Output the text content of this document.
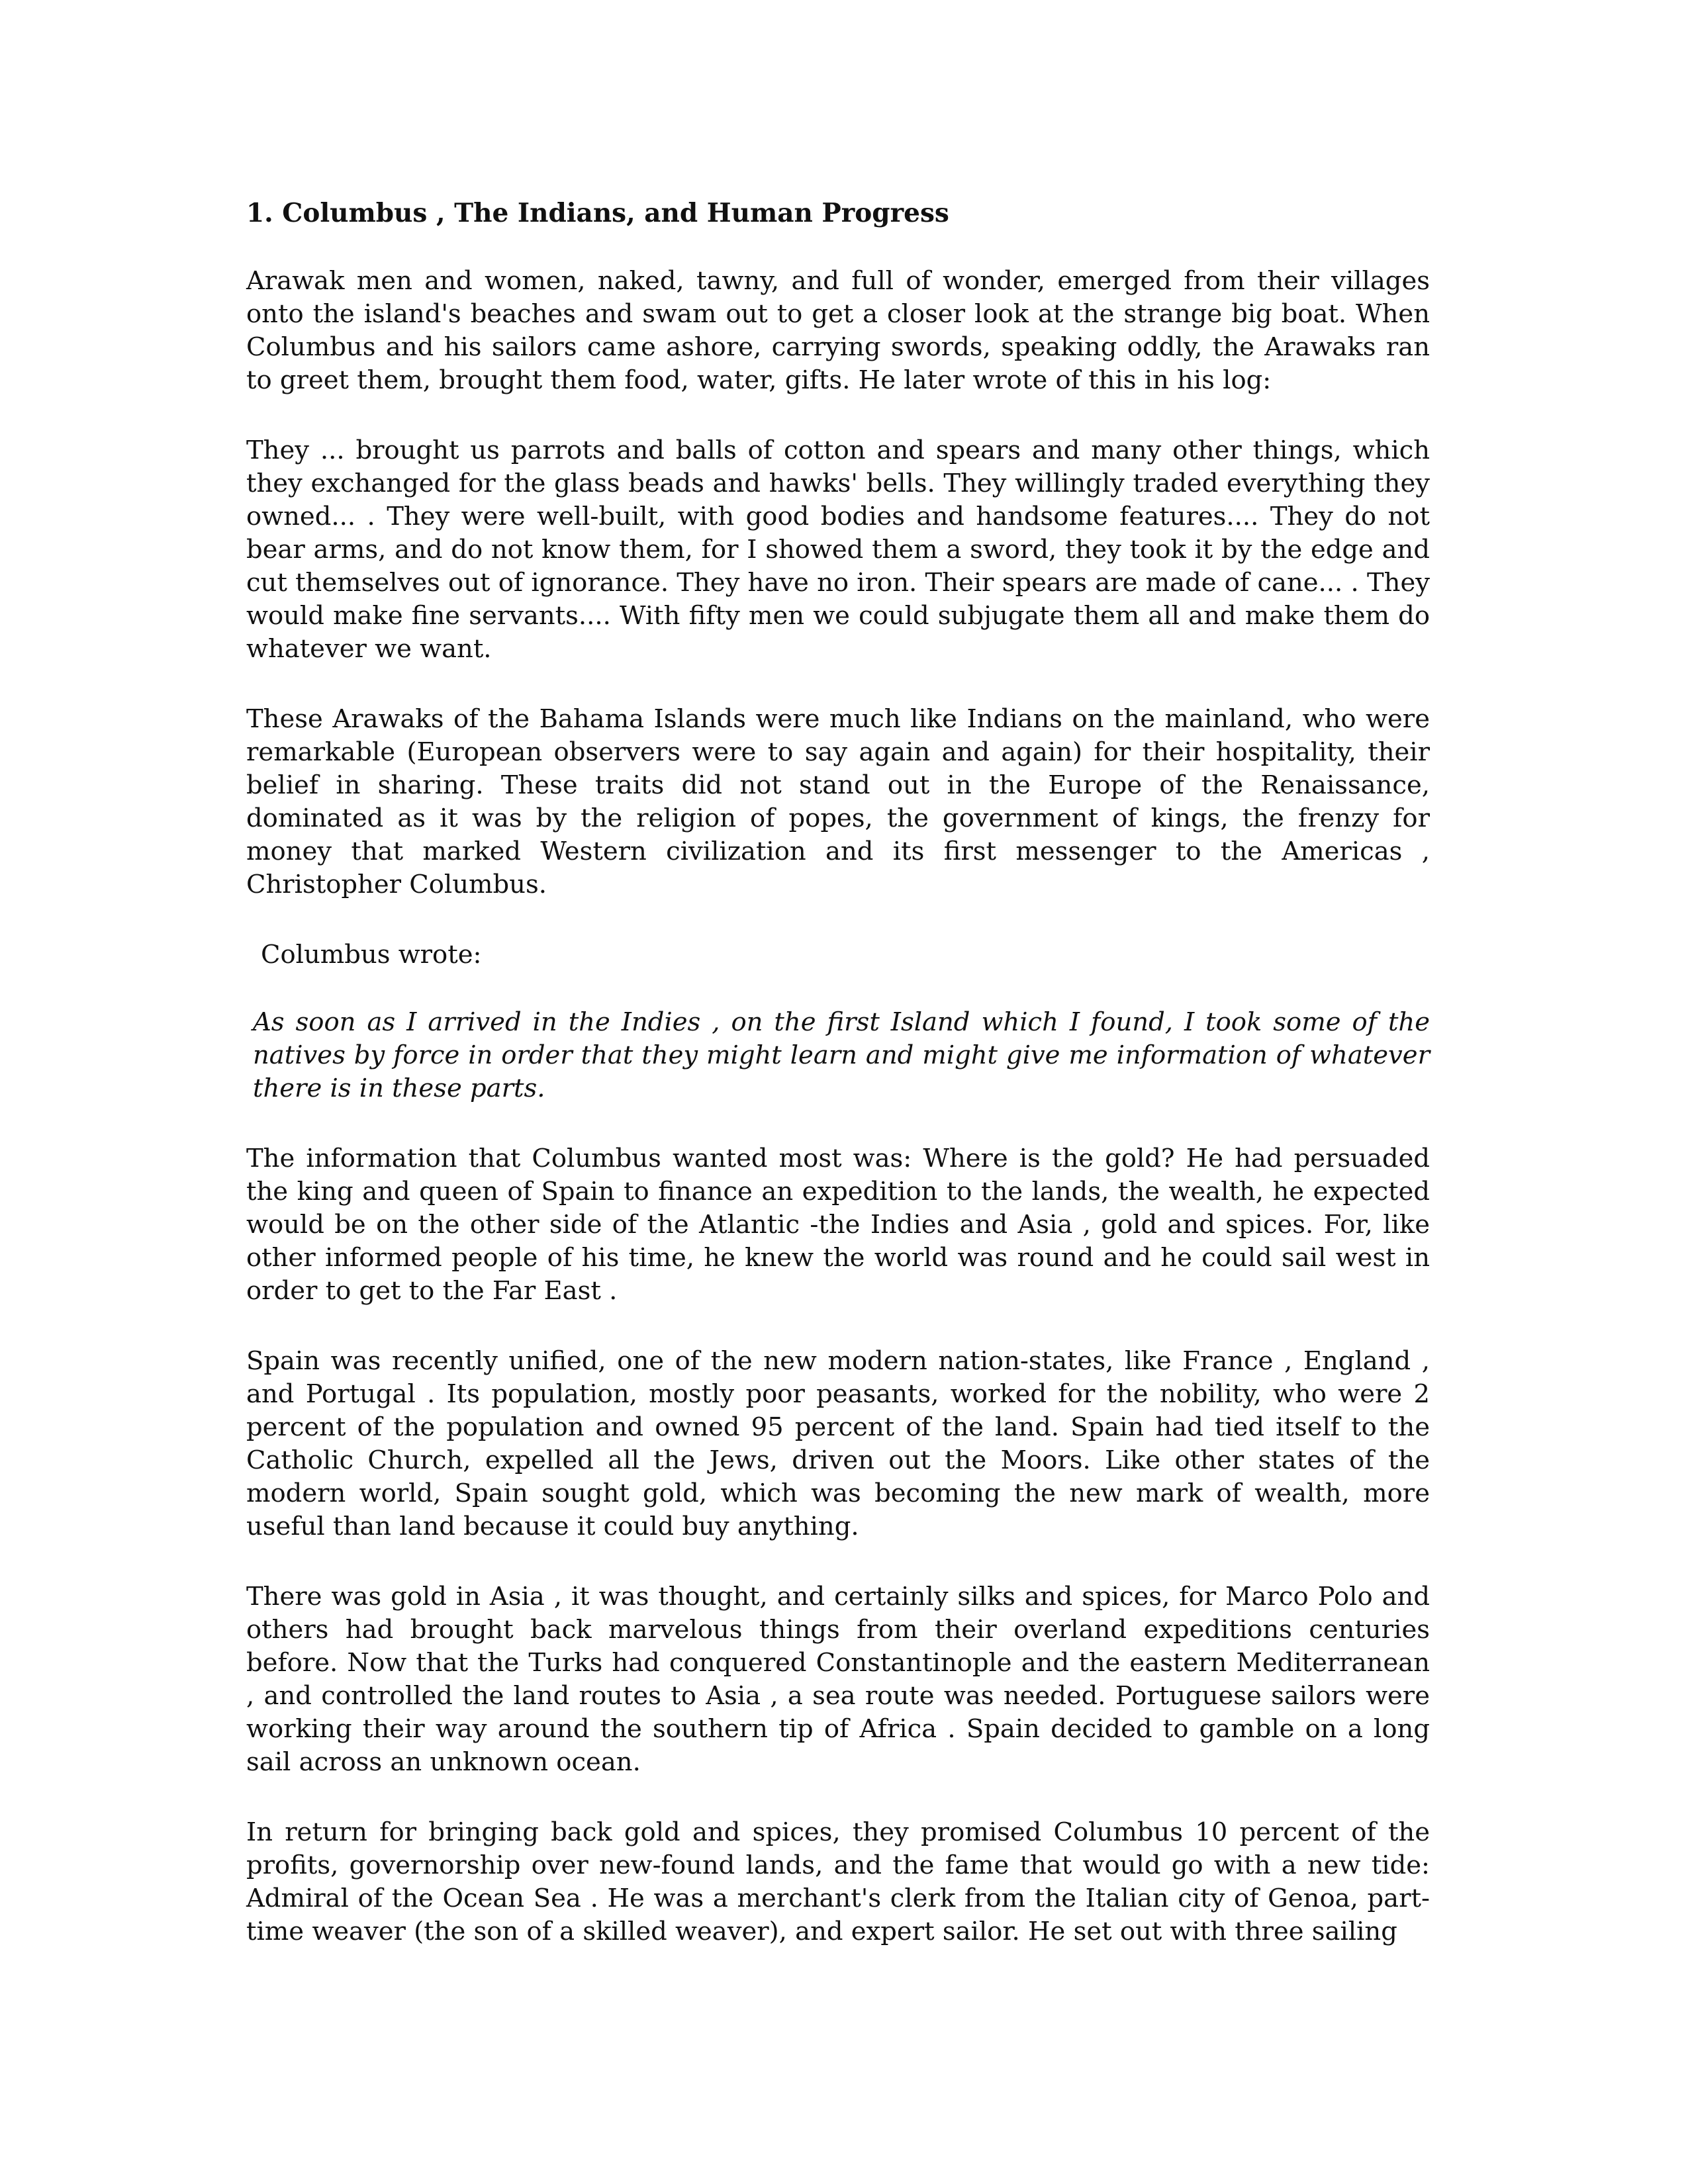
1. Columbus , The Indians, and Human Progress
Arawak men and women, naked, tawny, and full of wonder, emerged from their villages onto the island's beaches and swam out to get a closer look at the strange big boat. When Columbus and his sailors came ashore, carrying swords, speaking oddly, the Arawaks ran to greet them, brought them food, water, gifts. He later wrote of this in his log:
They ... brought us parrots and balls of cotton and spears and many other things, which they exchanged for the glass beads and hawks' bells. They willingly traded everything they owned... . They were well-built, with good bodies and handsome features.... They do not bear arms, and do not know them, for I showed them a sword, they took it by the edge and cut themselves out of ignorance. They have no iron. Their spears are made of cane... . They would make fine servants.... With fifty men we could subjugate them all and make them do whatever we want.
These Arawaks of the Bahama Islands were much like Indians on the mainland, who were remarkable (European observers were to say again and again) for their hospitality, their belief in sharing. These traits did not stand out in the Europe of the Renaissance, dominated as it was by the religion of popes, the government of kings, the frenzy for money that marked Western civilization and its first messenger to the Americas , Christopher Columbus.
Columbus wrote:
As soon as I arrived in the Indies , on the first Island which I found, I took some of the natives by force in order that they might learn and might give me information of whatever there is in these parts.
The information that Columbus wanted most was: Where is the gold? He had persuaded the king and queen of Spain to finance an expedition to the lands, the wealth, he expected would be on the other side of the Atlantic -the Indies and Asia , gold and spices. For, like other informed people of his time, he knew the world was round and he could sail west in order to get to the Far East .
Spain was recently unified, one of the new modern nation-states, like France , England , and Portugal . Its population, mostly poor peasants, worked for the nobility, who were 2 percent of the population and owned 95 percent of the land. Spain had tied itself to the Catholic Church, expelled all the Jews, driven out the Moors. Like other states of the modern world, Spain sought gold, which was becoming the new mark of wealth, more useful than land because it could buy anything.
There was gold in Asia , it was thought, and certainly silks and spices, for Marco Polo and others had brought back marvelous things from their overland expeditions centuries before. Now that the Turks had conquered Constantinople and the eastern Mediterranean , and controlled the land routes to Asia , a sea route was needed. Portuguese sailors were working their way around the southern tip of Africa . Spain decided to gamble on a long sail across an unknown ocean.
In return for bringing back gold and spices, they promised Columbus 10 percent of the profits, governorship over new-found lands, and the fame that would go with a new tide: Admiral of the Ocean Sea . He was a merchant's clerk from the Italian city of Genoa, part-time weaver (the son of a skilled weaver), and expert sailor. He set out with three sailing
